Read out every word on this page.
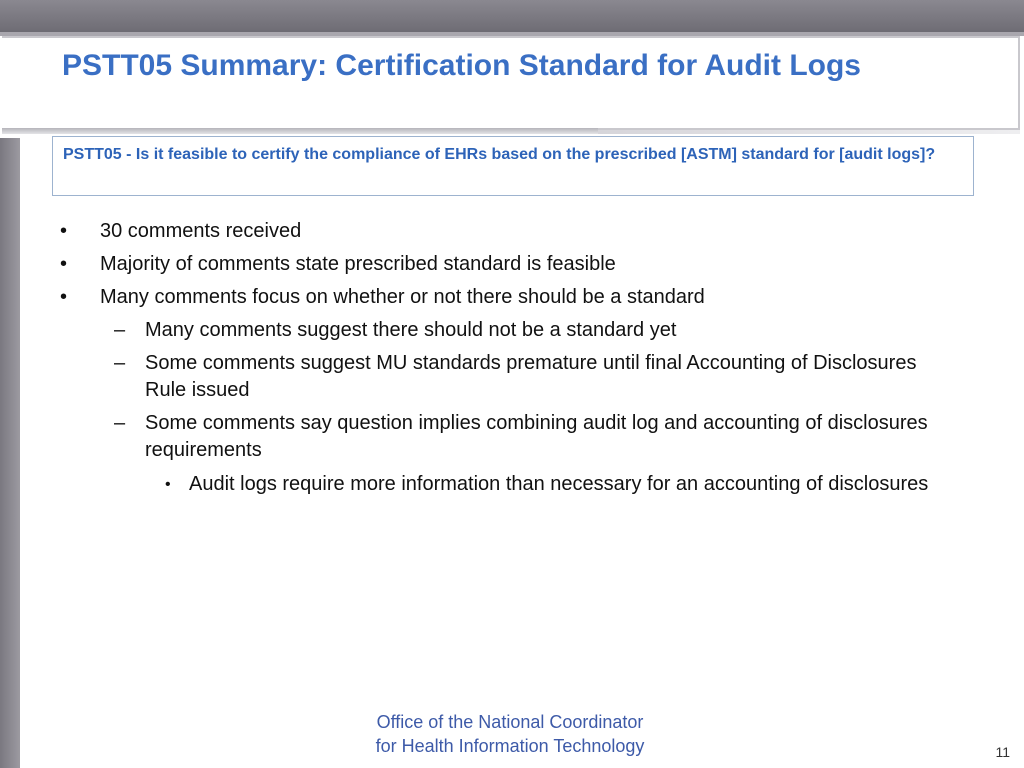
PSTT05 Summary: Certification Standard for Audit Logs
PSTT05 - Is it feasible to certify the compliance of EHRs based on the prescribed [ASTM] standard for [audit logs]?
• 30 comments received
• Majority of comments state prescribed standard is feasible
• Many comments focus on whether or not there should be a standard
– Many comments suggest there should not be a standard yet
– Some comments suggest MU standards premature until final Accounting of Disclosures Rule issued
– Some comments say question implies combining audit log and accounting of disclosures requirements
• Audit logs require more information than necessary for an accounting of disclosures
Office of the National Coordinator
for Health Information Technology	11
